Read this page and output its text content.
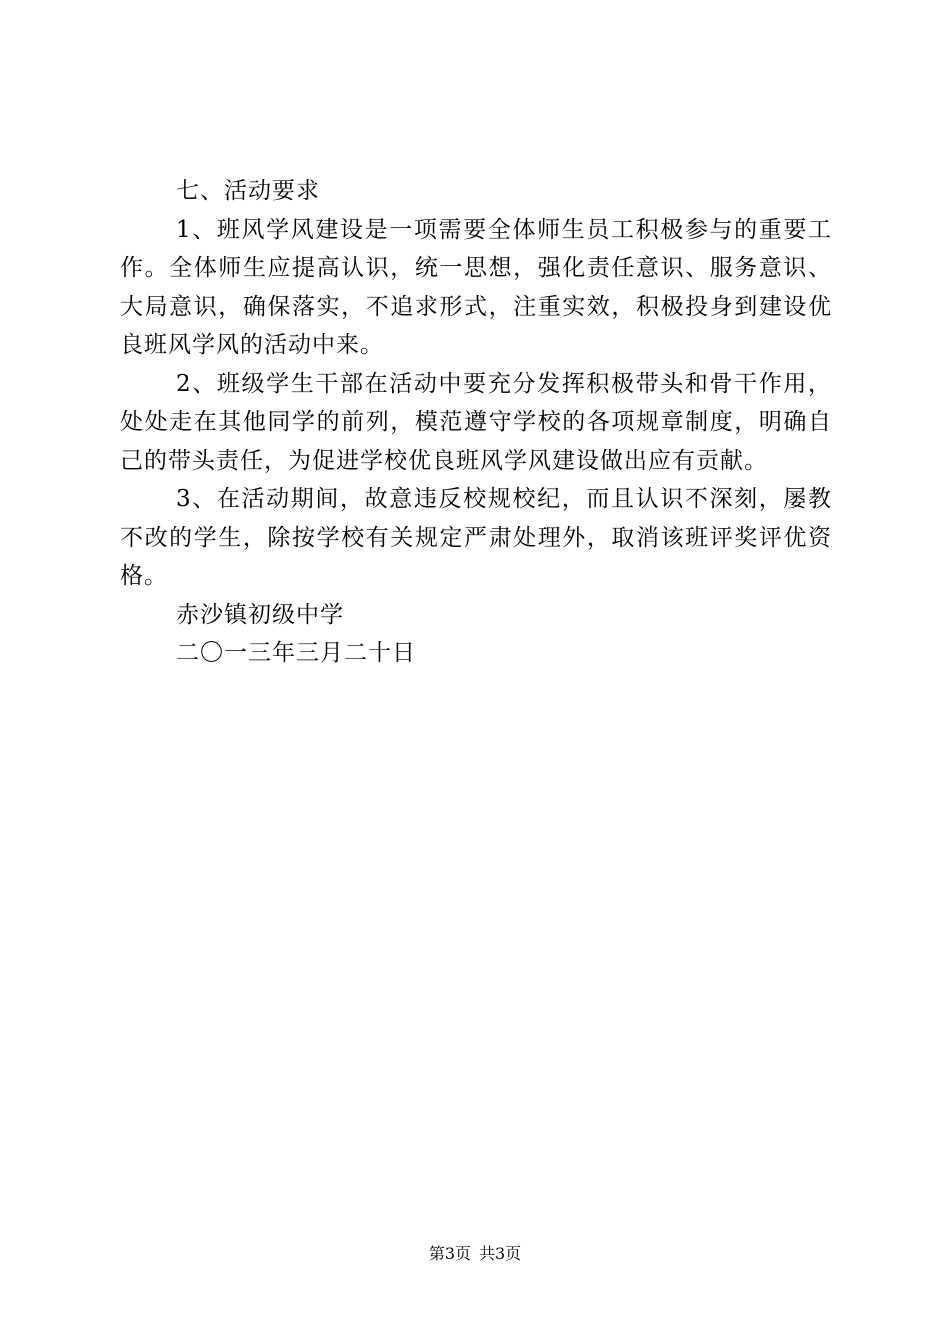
七、活动要求

1、班风学风建设是一项需要全体师生员工积极参与的重要工作。全体师生应提高认识，统一思想，强化责任意识、服务意识、大局意识，确保落实，不追求形式，注重实效，积极投身到建设优良班风学风的活动中来。

2、班级学生干部在活动中要充分发挥积极带头和骨干作用，处处走在其他同学的前列，模范遵守学校的各项规章制度，明确自己的带头责任，为促进学校优良班风学风建设做出应有贡献。

3、在活动期间，故意违反校规校纪，而且认识不深刻，屡教不改的学生，除按学校有关规定严肃处理外，取消该班评奖评优资格。

赤沙镇初级中学

二〇一三年三月二十日

第3页 共3页
